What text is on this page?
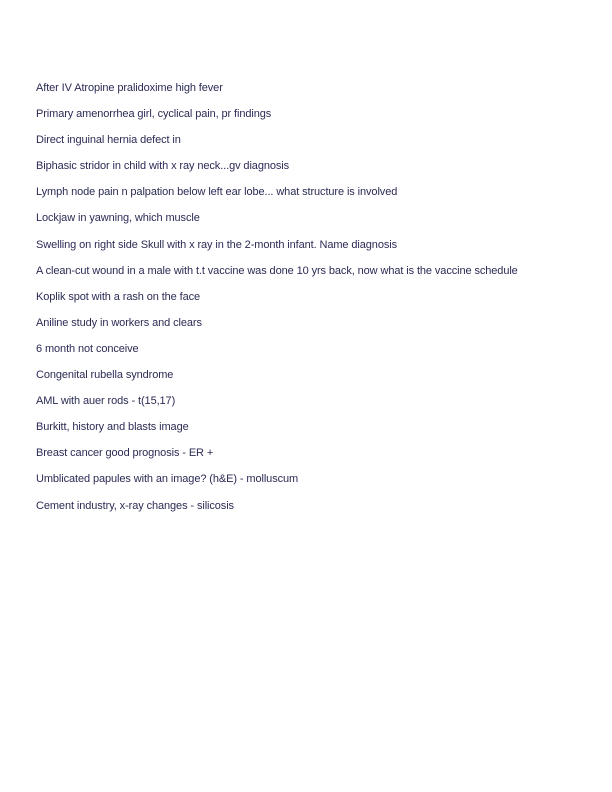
After IV Atropine pralidoxime high fever
Primary amenorrhea girl, cyclical pain, pr findings
Direct inguinal hernia defect in
Biphasic stridor in child with x ray neck...gv diagnosis
Lymph node pain n palpation below left ear lobe... what structure is involved
Lockjaw in yawning, which muscle
Swelling on right side Skull with x ray in the 2-month infant. Name diagnosis
A clean-cut wound in a male with t.t vaccine was done 10 yrs back, now what is the vaccine schedule
Koplik spot with a rash on the face
Aniline study in workers and clears
6 month not conceive
Congenital rubella syndrome
AML with auer rods - t(15,17)
Burkitt, history and blasts image
Breast cancer good prognosis - ER +
Umblicated papules with an image? (h&E) - molluscum
Cement industry, x-ray changes - silicosis
